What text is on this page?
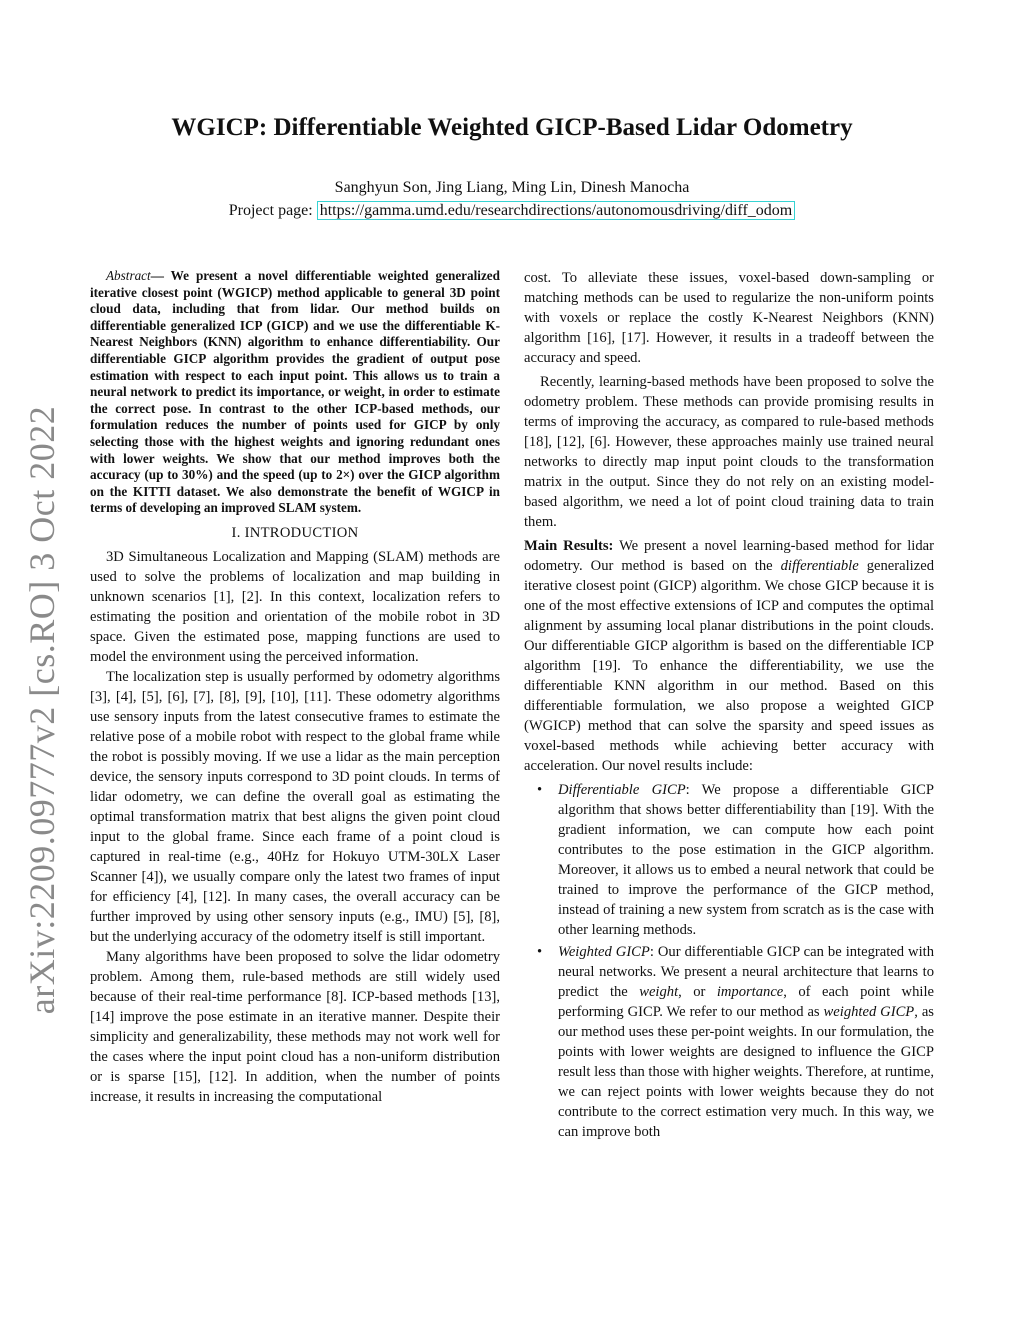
arXiv:2209.09777v2 [cs.RO] 3 Oct 2022
WGICP: Differentiable Weighted GICP-Based Lidar Odometry
Sanghyun Son, Jing Liang, Ming Lin, Dinesh Manocha
Project page: https://gamma.umd.edu/researchdirections/autonomousdriving/diff_odom

Abstract— We present a novel differentiable weighted generalized iterative closest point (WGICP) method applicable to general 3D point cloud data, including that from lidar. Our method builds on differentiable generalized ICP (GICP) and we use the differentiable K-Nearest Neighbors (KNN) algorithm to enhance differentiability. Our differentiable GICP algorithm provides the gradient of output pose estimation with respect to each input point. This allows us to train a neural network to predict its importance, or weight, in order to estimate the correct pose. In contrast to the other ICP-based methods, our formulation reduces the number of points used for GICP by only selecting those with the highest weights and ignoring redundant ones with lower weights. We show that our method improves both the accuracy (up to 30%) and the speed (up to 2×) over the GICP algorithm on the KITTI dataset. We also demonstrate the benefit of WGICP in terms of developing an improved SLAM system.

I. INTRODUCTION

3D Simultaneous Localization and Mapping (SLAM) methods are used to solve the problems of localization and map building in unknown scenarios [1], [2]. In this context, localization refers to estimating the position and orientation of the mobile robot in 3D space. Given the estimated pose, mapping functions are used to model the environment using the perceived information.

The localization step is usually performed by odometry algorithms [3], [4], [5], [6], [7], [8], [9], [10], [11]. These odometry algorithms use sensory inputs from the latest consecutive frames to estimate the relative pose of a mobile robot with respect to the global frame while the robot is possibly moving. If we use a lidar as the main perception device, the sensory inputs correspond to 3D point clouds. In terms of lidar odometry, we can define the overall goal as estimating the optimal transformation matrix that best aligns the given point cloud input to the global frame. Since each frame of a point cloud is captured in real-time (e.g., 40Hz for Hokuyo UTM-30LX Laser Scanner [4]), we usually compare only the latest two frames of input for efficiency [4], [12]. In many cases, the overall accuracy can be further improved by using other sensory inputs (e.g., IMU) [5], [8], but the underlying accuracy of the odometry itself is still important.

Many algorithms have been proposed to solve the lidar odometry problem. Among them, rule-based methods are still widely used because of their real-time performance [8]. ICP-based methods [13], [14] improve the pose estimate in an iterative manner. Despite their simplicity and generalizability, these methods may not work well for the cases where the input point cloud has a non-uniform distribution or is sparse [15], [12]. In addition, when the number of points increase, it results in increasing the computational

cost. To alleviate these issues, voxel-based down-sampling or matching methods can be used to regularize the non-uniform points with voxels or replace the costly K-Nearest Neighbors (KNN) algorithm [16], [17]. However, it results in a tradeoff between the accuracy and speed.

Recently, learning-based methods have been proposed to solve the odometry problem. These methods can provide promising results in terms of improving the accuracy, as compared to rule-based methods [18], [12], [6]. However, these approaches mainly use trained neural networks to directly map input point clouds to the transformation matrix in the output. Since they do not rely on an existing model-based algorithm, we need a lot of point cloud training data to train them.

Main Results: We present a novel learning-based method for lidar odometry. Our method is based on the differentiable generalized iterative closest point (GICP) algorithm. We chose GICP because it is one of the most effective extensions of ICP and computes the optimal alignment by assuming local planar distributions in the point clouds. Our differentiable GICP algorithm is based on the differentiable ICP algorithm [19]. To enhance the differentiability, we use the differentiable KNN algorithm in our method. Based on this differentiable formulation, we also propose a weighted GICP (WGICP) method that can solve the sparsity and speed issues as voxel-based methods while achieving better accuracy with acceleration. Our novel results include:

• Differentiable GICP: We propose a differentiable GICP algorithm that shows better differentiability than [19]. With the gradient information, we can compute how each point contributes to the pose estimation in the GICP algorithm. Moreover, it allows us to embed a neural network that could be trained to improve the performance of the GICP method, instead of training a new system from scratch as is the case with other learning methods.
• Weighted GICP: Our differentiable GICP can be integrated with neural networks. We present a neural architecture that learns to predict the weight, or importance, of each point while performing GICP. We refer to our method as weighted GICP, as our method uses these per-point weights. In our formulation, the points with lower weights are designed to influence the GICP result less than those with higher weights. Therefore, at runtime, we can reject points with lower weights because they do not contribute to the correct estimation very much. In this way, we can improve both
